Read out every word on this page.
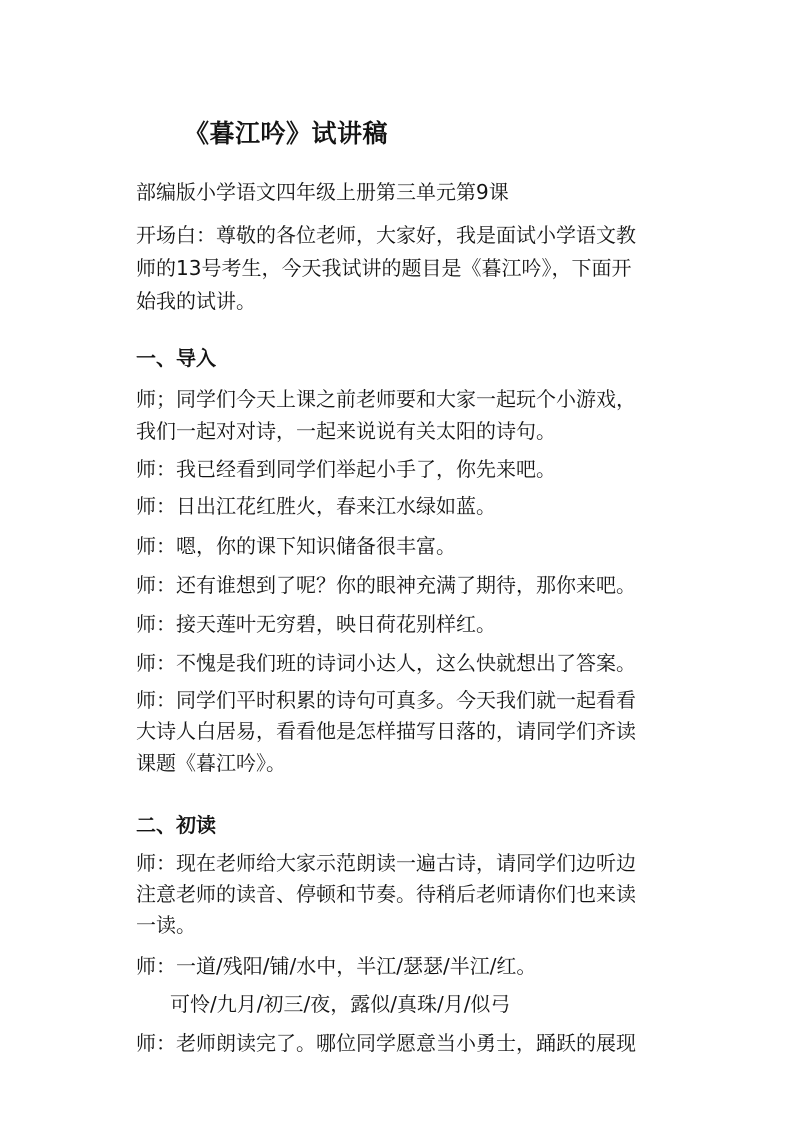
《暮江吟》试讲稿
部编版小学语文四年级上册第三单元第9课
开场白：尊敬的各位老师，大家好，我是面试小学语文教
师的13号考生，今天我试讲的题目是《暮江吟》，下面开
始我的试讲。
一、导入
师；同学们今天上课之前老师要和大家一起玩个小游戏，
我们一起对对诗，一起来说说有关太阳的诗句。
师：我已经看到同学们举起小手了，你先来吧。
师：日出江花红胜火，春来江水绿如蓝。
师：嗯，你的课下知识储备很丰富。
师：还有谁想到了呢？你的眼神充满了期待，那你来吧。
师：接天莲叶无穷碧，映日荷花别样红。
师：不愧是我们班的诗词小达人，这么快就想出了答案。
师：同学们平时积累的诗句可真多。今天我们就一起看看
大诗人白居易，看看他是怎样描写日落的，请同学们齐读
课题《暮江吟》。
二、初读
师：现在老师给大家示范朗读一遍古诗，请同学们边听边
注意老师的读音、停顿和节奏。待稍后老师请你们也来读
一读。
师：一道/残阳/铺/水中，半江/瑟瑟/半江/红。
可怜/九月/初三/夜，露似/真珠/月/似弓
师：老师朗读完了。哪位同学愿意当小勇士，踊跃的展现
